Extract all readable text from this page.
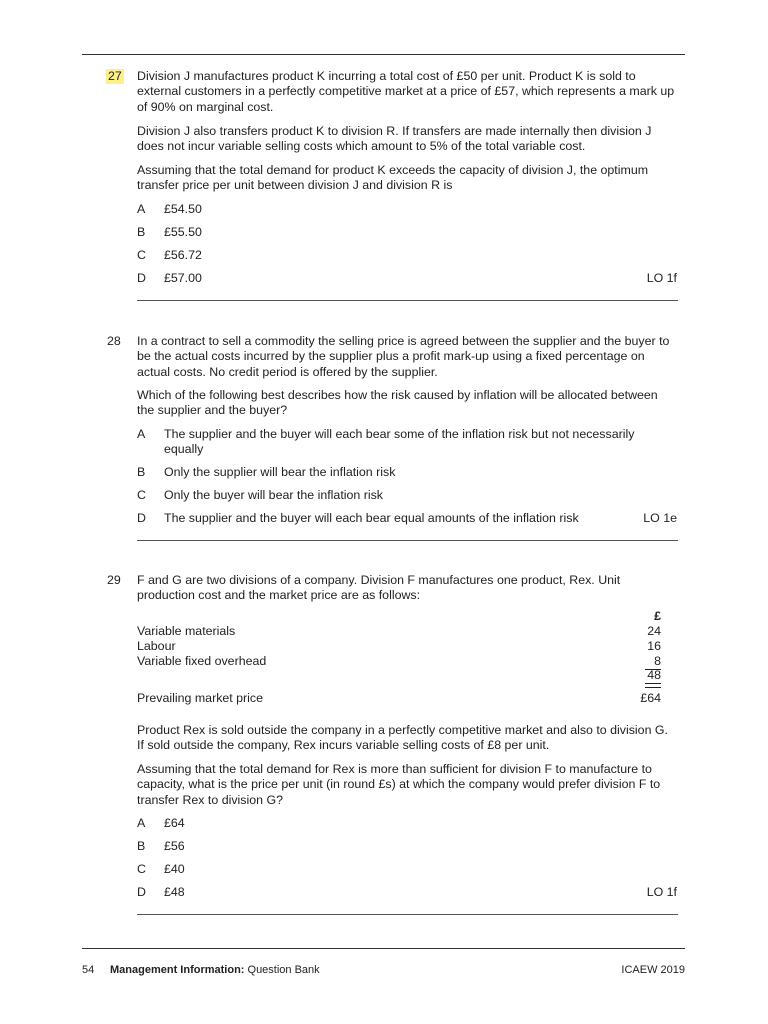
27 Division J manufactures product K incurring a total cost of £50 per unit. Product K is sold to external customers in a perfectly competitive market at a price of £57, which represents a mark up of 90% on marginal cost.

Division J also transfers product K to division R. If transfers are made internally then division J does not incur variable selling costs which amount to 5% of the total variable cost.

Assuming that the total demand for product K exceeds the capacity of division J, the optimum transfer price per unit between division J and division R is

A £54.50
B £55.50
C £56.72
D £57.00	LO 1f
28	In a contract to sell a commodity the selling price is agreed between the supplier and the buyer to be the actual costs incurred by the supplier plus a profit mark-up using a fixed percentage on actual costs. No credit period is offered by the supplier.

Which of the following best describes how the risk caused by inflation will be allocated between the supplier and the buyer?

A The supplier and the buyer will each bear some of the inflation risk but not necessarily equally
B Only the supplier will bear the inflation risk
C Only the buyer will bear the inflation risk
D The supplier and the buyer will each bear equal amounts of the inflation risk	LO 1e
29	F and G are two divisions of a company. Division F manufactures one product, Rex. Unit production cost and the market price are as follows:

£
Variable materials	24
Labour	16
Variable fixed overhead	8
48
Prevailing market price	£64

Product Rex is sold outside the company in a perfectly competitive market and also to division G. If sold outside the company, Rex incurs variable selling costs of £8 per unit.

Assuming that the total demand for Rex is more than sufficient for division F to manufacture to capacity, what is the price per unit (in round £s) at which the company would prefer division F to transfer Rex to division G?

A £64
B £56
C £40
D £48	LO 1f
54 Management Information: Question Bank	ICAEW 2019
